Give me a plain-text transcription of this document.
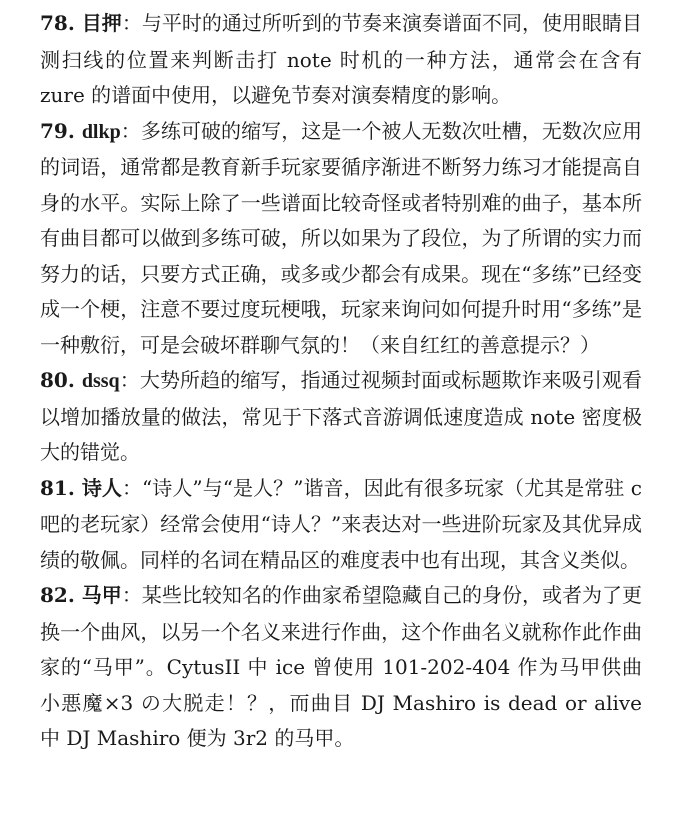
78. 目押：与平时的通过所听到的节奏来演奏谱面不同，使用眼睛目测扫线的位置来判断击打 note 时机的一种方法，通常会在含有 zure 的谱面中使用，以避免节奏对演奏精度的影响。

79. dlkp：多练可破的缩写，这是一个被人无数次吐槽，无数次应用的词语，通常都是教育新手玩家要循序渐进不断努力练习才能提高自身的水平。实际上除了一些谱面比较奇怪或者特别难的曲子，基本所有曲目都可以做到多练可破，所以如果为了段位，为了所谓的实力而努力的话，只要方式正确，或多或少都会有成果。现在“多练”已经变成一个梗，注意不要过度玩梗哦，玩家来询问如何提升时用“多练”是一种敷衍，可是会破坏群聊气氛的！（来自红红的善意提示？）

80. dssq：大势所趋的缩写，指通过视频封面或标题欺诈来吸引观看以增加播放量的做法，常见于下落式音游调低速度造成 note 密度极大的错觉。

81. 诗人：“诗人”与“是人？”谐音，因此有很多玩家（尤其是常驻 c 吧的老玩家）经常会使用“诗人？”来表达对一些进阶玩家及其优异成绩的敬佩。同样的名词在精品区的难度表中也有出现，其含义类似。

82. 马甲：某些比较知名的作曲家希望隐藏自己的身份，或者为了更换一个曲风，以另一个名义来进行作曲，这个作曲名义就称作此作曲家的“马甲”。CytusII 中 ice 曾使用 101-202-404 作为马甲供曲小悪魔×3 の大脱走！？，而曲目 DJ Mashiro is dead or alive 中 DJ Mashiro 便为 3r2 的马甲。
